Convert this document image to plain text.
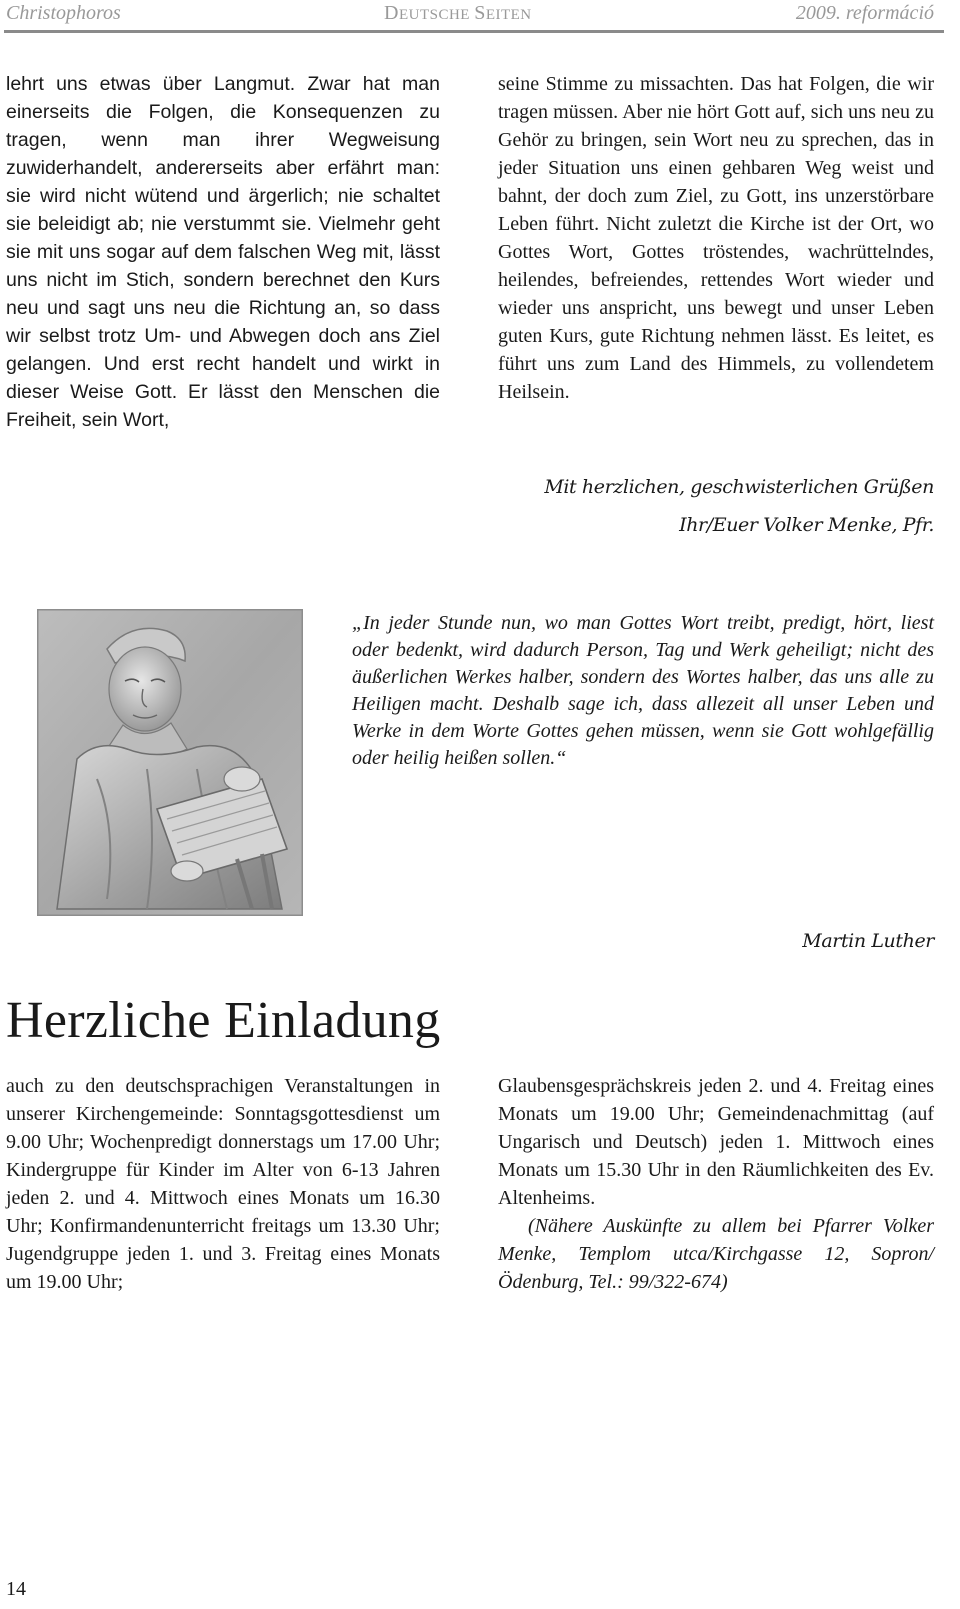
Christophoros	DEUTSCHE SEITEN	2009. reformáció

lehrt uns etwas über Langmut. Zwar hat man einerseits die Folgen, die Konsequenzen zu tragen, wenn man ihrer Wegweisung zuwiderhandelt, andererseits aber erfährt man: sie wird nicht wütend und ärgerlich; nie schaltet sie beleidigt ab; nie verstummt sie. Vielmehr geht sie mit uns sogar auf dem falschen Weg mit, lässt uns nicht im Stich, sondern berechnet den Kurs neu und sagt uns neu die Richtung an, so dass wir selbst trotz Um- und Abwegen doch ans Ziel gelangen. Und erst recht handelt und wirkt in dieser Weise Gott. Er lässt den Menschen die Freiheit, sein Wort,

seine Stimme zu missachten. Das hat Folgen, die wir tragen müssen. Aber nie hört Gott auf, sich uns neu zu Gehör zu bringen, sein Wort neu zu sprechen, das in jeder Situation uns einen gehbaren Weg weist und bahnt, der doch zum Ziel, zu Gott, ins unzerstörbare Leben führt. Nicht zuletzt die Kirche ist der Ort, wo Gottes Wort, Gottes tröstendes, wachrüttelndes, heilendes, befreiendes, rettendes Wort wieder und wieder uns anspricht, uns bewegt und unser Leben guten Kurs, gute Richtung nehmen lässt. Es leitet, es führt uns zum Land des Himmels, zu vollendetem Heilsein.

Mit herzlichen, geschwisterlichen Grüßen
Ihr/Euer Volker Menke, Pfr.

„In jeder Stunde nun, wo man Gottes Wort treibt, predigt, hört, liest oder bedenkt, wird dadurch Person, Tag und Werk geheiligt; nicht des äußerlichen Werkes halber, sondern des Wortes halber, das uns alle zu Heiligen macht. Deshalb sage ich, dass allezeit all unser Leben und Werke in dem Worte Gottes gehen müssen, wenn sie Gott wohlgefällig oder heilig heißen sollen.“

Martin Luther
Herzliche Einladung

auch zu den deutschsprachigen Veranstaltungen in unserer Kirchengemeinde: Sonntagsgottesdienst um 9.00 Uhr; Wochenpredigt donnerstags um 17.00 Uhr; Kindergruppe für Kinder im Alter von 6-13 Jahren jeden 2. und 4. Mittwoch eines Monats um 16.30 Uhr; Konfirmandenunterricht freitags um 13.30 Uhr; Jugendgruppe jeden 1. und 3. Freitag eines Monats um 19.00 Uhr;

Glaubensgesprächskreis jeden 2. und 4. Freitag eines Monats um 19.00 Uhr; Gemeindenachmittag (auf Ungarisch und Deutsch) jeden 1. Mittwoch eines Monats um 15.30 Uhr in den Räumlichkeiten des Ev. Altenheims.

(Nähere Auskünfte zu allem bei Pfarrer Volker Menke, Templom utca/Kirchgasse 12, Sopron/Ödenburg, Tel.: 99/322-674)

14
